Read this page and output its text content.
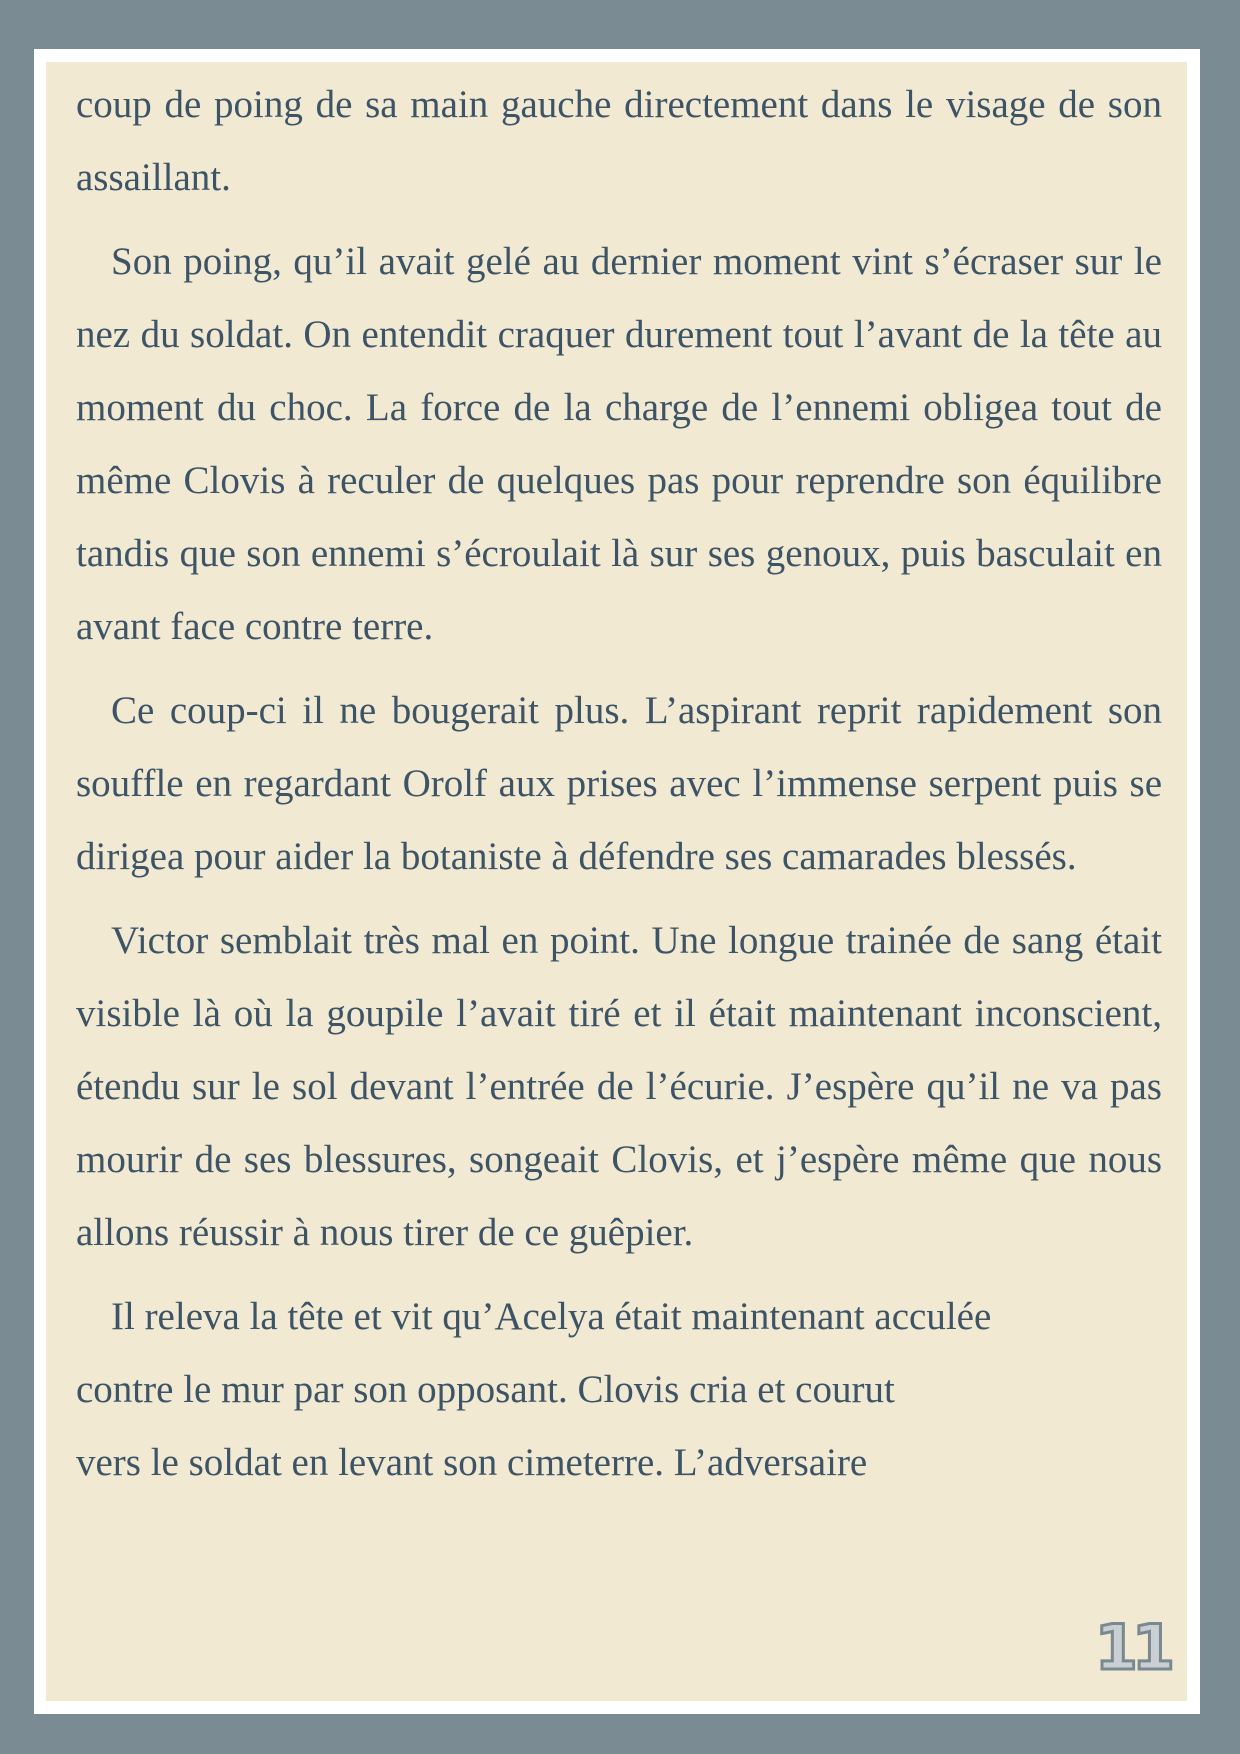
coup de poing de sa main gauche directement dans le visage de son assaillant.

Son poing, qu’il avait gelé au dernier moment vint s’écraser sur le nez du soldat. On entendit craquer durement tout l’avant de la tête au moment du choc. La force de la charge de l’ennemi obligea tout de même Clovis à reculer de quelques pas pour reprendre son équilibre tandis que son ennemi s’écroulait là sur ses genoux, puis basculait en avant face contre terre.

Ce coup-ci il ne bougerait plus. L’aspirant reprit rapidement son souffle en regardant Orolf aux prises avec l’immense serpent puis se dirigea pour aider la botaniste à défendre ses camarades blessés.

Victor semblait très mal en point. Une longue trainée de sang était visible là où la goupile l’avait tiré et il était maintenant inconscient, étendu sur le sol devant l’entrée de l’écurie. J’espère qu’il ne va pas mourir de ses blessures, songeait Clovis, et j’espère même que nous allons réussir à nous tirer de ce guêpier.

Il releva la tête et vit qu’Acelya était maintenant acculée
contre le mur par son opposant. Clovis cria et courut
vers le soldat en levant son cimeterre. L’adversaire
11
